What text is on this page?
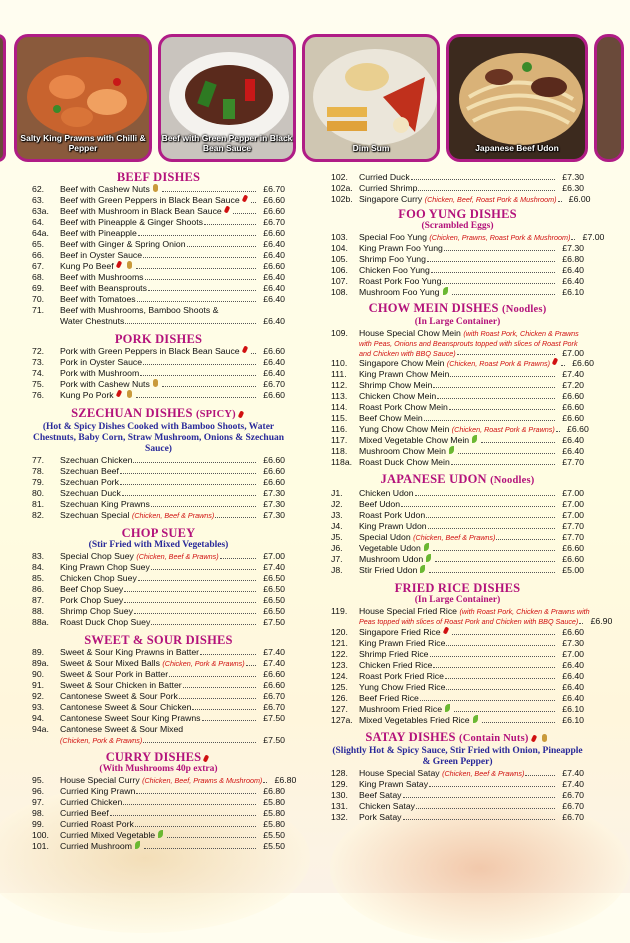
Salty King Prawns with Chilli & Pepper
Beef with Green Pepper in Black Bean Sauce	Dim Sum	Japanese Beef Udon
BEEF DISHES
62.	Beef with Cashew Nuts	£6.70
63.	Beef with Green Peppers in Black Bean Sauce	£6.60
63a.	Beef with Mushroom in Black Bean Sauce	£6.60
64.	Beef with Pineapple & Ginger Shoots	£6.70
64a.	Beef with Pineapple	£6.60
65.	Beef with Ginger & Spring Onion	£6.40
66.	Beef in Oyster Sauce	£6.40
67.	Kung Po Beef	£6.60
68.	Beef with Mushrooms	£6.40
69.	Beef with Beansprouts	£6.40
70.	Beef with Tomatoes	£6.40
71.	Beef with Mushrooms, Bamboo Shoots &
Water Chestnuts	£6.40
PORK DISHES
72.	Pork with Green Peppers in Black Bean Sauce	£6.60
73.	Pork in Oyster Sauce	£6.40
74.	Pork with Mushroom	£6.40
75.	Pork with Cashew Nuts	£6.70
76.	Kung Po Pork	£6.60
SZECHUAN DISHES (SPICY)
(Hot & Spicy Dishes Cooked with Bamboo Shoots, Water Chestnuts, Baby Corn, Straw Mushroom, Onions & Szechuan Sauce)
77.	Szechuan Chicken	£6.60
78.	Szechuan Beef	£6.60
79.	Szechuan Pork	£6.60
80.	Szechuan Duck	£7.30
81.	Szechuan King Prawns	£7.30
82.	Szechuan Special
(Chicken, Beef & Prawns)	£7.30
CHOP SUEY
(Stir Fried with Mixed Vegetables)
83.	Special Chop Suey
(Chicken, Beef & Prawns)	£7.00
84.	King Prawn Chop Suey	£7.40
85.	Chicken Chop Suey	£6.50
86.	Beef Chop Suey	£6.50
87.	Pork Chop Suey	£6.50
88.	Shrimp Chop Suey	£6.50
88a.	Roast Duck Chop Suey	£7.50
SWEET & SOUR DISHES
89.	Sweet & Sour King Prawns in Batter	£7.40
89a.	Sweet & Sour Mixed Balls
(Chicken, Pork & Prawns)	£7.40
90.	Sweet & Sour Pork in Batter	£6.60
91.	Sweet & Sour Chicken in Batter	£6.60
92.	Cantonese Sweet & Sour Pork	£6.70
93.	Cantonese Sweet & Sour Chicken	£6.70
94.	Cantonese Sweet Sour King Prawns	£7.50
94a.	Cantonese Sweet & Sour Mixed
(Chicken, Pork & Prawns)	£7.50
CURRY DISHES
(With Mushrooms 40p extra)
95.	House Special Curry
(Chicken, Beef, Prawns & Mushroom)	£6.80
96.	Curried King Prawn	£6.80
97.	Curried Chicken	£5.80
98.	Curried Beef	£5.80
99.	Curried Roast Pork	£5.80
100.	Curried Mixed Vegetable	£5.50
101.	Curried Mushroom	£5.50
102.	Curried Duck	£7.30
102a. Curried Shrimp	£6.30
102b. Singapore Curry
(Chicken, Beef, Roast Pork & Mushroom)	£6.00
FOO YUNG DISHES
(Scrambled Eggs)
103.	Special Foo Yung
(Chicken, Prawns, Roast Pork & Mushroom)	£7.00
104.	King Prawn Foo Yung	£7.30
105.	Shrimp Foo Yung	£6.80
106.	Chicken Foo Yung	£6.40
107.	Roast Pork Foo Yung	£6.40
108.	Mushroom Foo Yung	£6.10
CHOW MEIN DISHES (Noodles)
(In Large Container)
109.	House Special Chow Mein
(with Roast Pork, Chicken & Prawns
with Peas, Onions and Beansprouts topped with slices of Roast Pork
and Chicken with BBQ Sauce)	£7.00
110.	Singapore Chow Mein
(Chicken, Roast Pork & Prawns)	£6.60
111.	King Prawn Chow Mein	£7.40
112.	Shrimp Chow Mein	£7.20
113.	Chicken Chow Mein	£6.60
114.	Roast Pork Chow Mein	£6.60
115.	Beef Chow Mein	£6.60
116.	Yung Chow Chow Mein
(Chicken, Roast Pork & Prawns)	£6.60
117.	Mixed Vegetable Chow Mein	£6.40
118.	Mushroom Chow Mein	£6.40
118a. Roast Duck Chow Mein	£7.70
JAPANESE UDON (Noodles)
J1.	Chicken Udon	£7.00
J2.	Beef Udon	£7.00
J3.	Roast Pork Udon	£7.00
J4.	King Prawn Udon	£7.70
J5.	Special Udon
(Chicken, Beef & Prawns)	£7.70
J6.	Vegetable Udon	£6.60
J7.	Mushroom Udon	£6.60
J8.	Stir Fried Udon	£5.00
FRIED RICE DISHES
(In Large Container)
119.	House Special Fried Rice
(with Roast Pork, Chicken & Prawns with
Peas topped with slices of Roast Pork and Chicken with BBQ Sauce)	£6.90
120.	Singapore Fried Rice	£6.60
121.	King Prawn Fried Rice	£7.30
122.	Shrimp Fried Rice	£7.00
123.	Chicken Fried Rice	£6.40
124.	Roast Pork Fried Rice	£6.40
125.	Yung Chow Fried Rice	£6.40
126.	Beef Fried Rice	£6.40
127.	Mushroom Fried Rice	£6.10
127a. Mixed Vegetables Fried Rice	£6.10
SATAY DISHES (Contain Nuts)
(Slightly Hot & Spicy Sauce, Stir Fried with Onion, Pineapple & Green Pepper)
128.	House Special Satay
(Chicken, Beef & Prawns)	£7.40
129.	King Prawn Satay	£7.40
130.	Beef Satay	£6.70
131.	Chicken Satay	£6.70
132.	Pork Satay	£6.70
